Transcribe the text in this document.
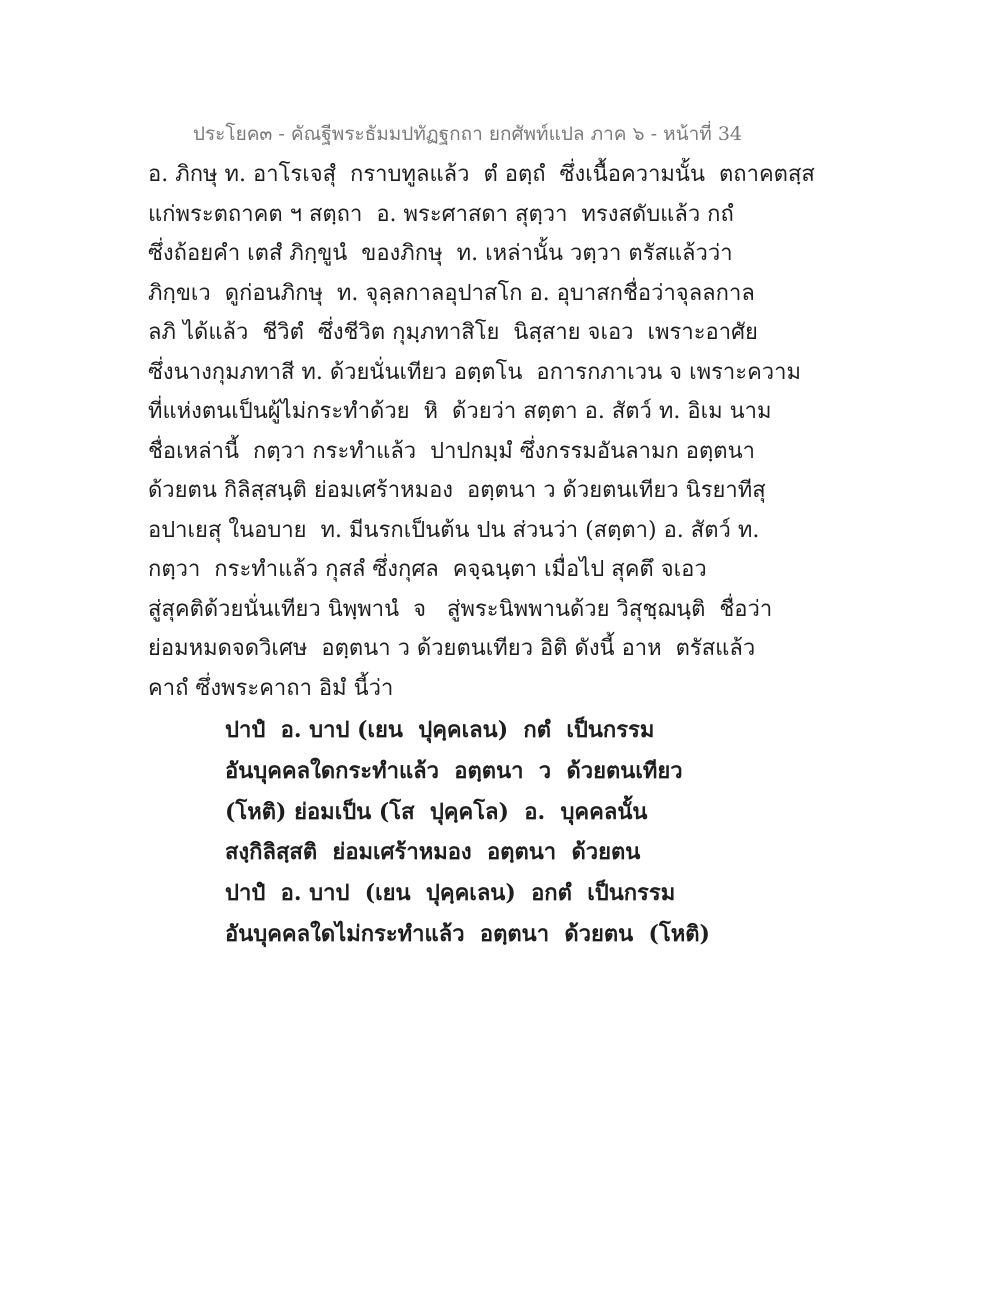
ประโยค๓ - คัณฐีพระธัมมปทัฏฐกถา ยกศัพท์แปล ภาค ๖ - หน้าที่ 34
อ. ภิกษุ ท. อาโรเจสุํ  กราบทูลแล้ว  ตํ อตฺถํ  ซึ่งเนื้อความนั้น  ตถาคตสฺส
แก่พระตถาคต ฯ สตฺถา  อ. พระศาสดา สุตฺวา  ทรงสดับแล้ว กถํ
ซึ่งถ้อยคำ เตสํ ภิกฺขูนํ  ของภิกษุ  ท. เหล่านั้น วตฺวา ตรัสแล้วว่า
ภิกฺขเว  ดูก่อนภิกษุ  ท. จุลฺลกาลอุปาสโก อ. อุบาสกชื่อว่าจุลลกาล
ลภิ ได้แล้ว  ชีวิตํ  ซึ่งชีวิต กุมฺภทาสิโย  นิสฺสาย จเอว  เพราะอาศัย
ซึ่งนางกุมภทาสี ท. ด้วยนั่นเทียว อตฺตโน  อการกภาเวน จ เพราะความ
ที่แห่งตนเป็นผู้ไม่กระทำด้วย  หิ  ด้วยว่า สตฺตา อ. สัตว์ ท. อิเม นาม
ชื่อเหล่านี้  กตฺวา กระทำแล้ว  ปาปกมฺมํ ซึ่งกรรมอันลามก อตฺตนา
ด้วยตน กิลิสฺสนฺติ ย่อมเศร้าหมอง  อตฺตนา ว ด้วยตนเทียว นิรยาทีสุ
อปาเยสุ ในอบาย  ท. มีนรกเป็นต้น ปน ส่วนว่า (สตฺตา) อ. สัตว์ ท.
กตฺวา  กระทำแล้ว กุสลํ ซึ่งกุศล  คจฺฉนฺตา เมื่อไป สุคตึ จเอว
สู่สุคติด้วยนั่นเทียว นิพฺพานํ  จ   สู่พระนิพพานด้วย วิสุชฺฌนฺติ  ชื่อว่า
ย่อมหมดจดวิเศษ  อตฺตนา ว ด้วยตนเทียว อิติ ดังนี้ อาห  ตรัสแล้ว
คาถํ ซึ่งพระคาถา อิมํ นี้ว่า
ปาปํ  อ. บาป (เยน  ปุคฺคเลน)  กตํ  เป็นกรรม
อันบุคคลใดกระทำแล้ว  อตฺตนา  ว  ด้วยตนเทียว
(โหติ) ย่อมเป็น (โส  ปุคฺคโล)  อ.  บุคคลนั้น
สงฺกิลิสฺสติ  ย่อมเศร้าหมอง  อตฺตนา  ด้วยตน
ปาปํ  อ. บาป  (เยน  ปุคฺคเลน)  อกตํ  เป็นกรรม
อันบุคคลใดไม่กระทำแล้ว  อตฺตนา  ด้วยตน  (โหติ)
